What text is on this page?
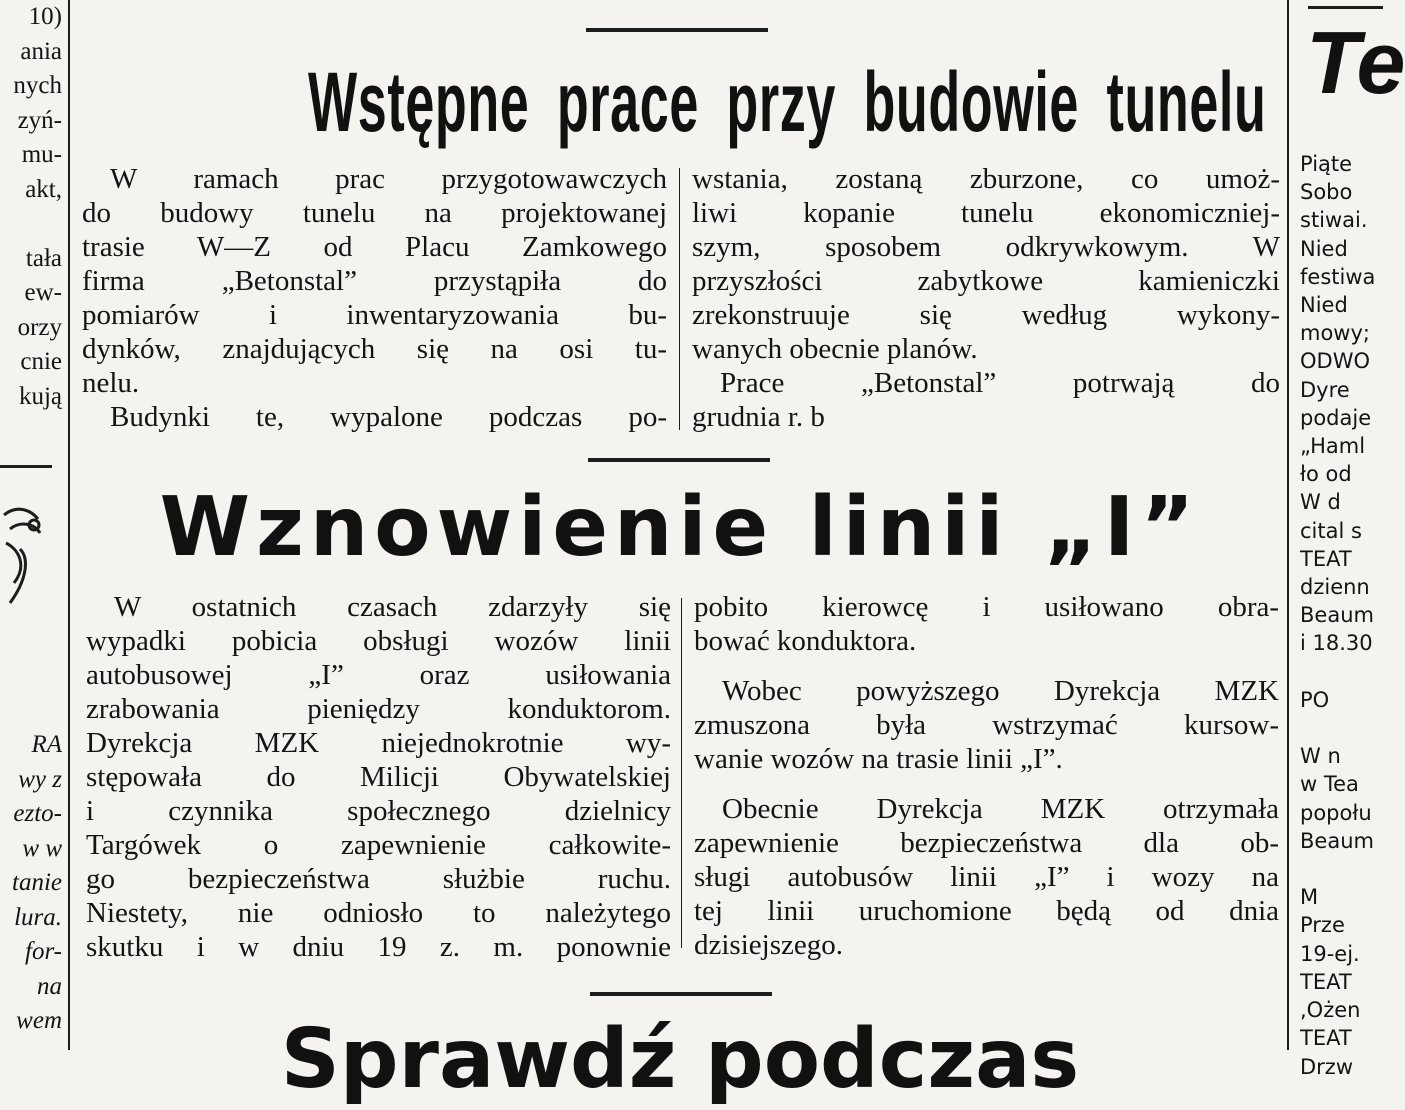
10)
ania
nych
zyń-
mu-
akt,

tała
ew-
orzy
cnie
kują
RA
wy z
ezto-
w w
tanie
lura.
for-
na
wem
Te
Piąte
Sobo
stiwai.
Nied
festiwa
Nied
mowy;
ODWO
Dyre
podaje
„Haml
ło od
W d
cital s
TEAT
dzienn
Beaum
i 18.30

PO

W n
w Tea
popołu
Beaum

M
Prze
19-ej.
TEAT
,Ożen
TEAT
Drzw
Wstępne prace przy budowie tunelu
W ramach prac przygotowawczych
do budowy tunelu na projektowanej
trasie W—Z od Placu Zamkowego
firma „Betonstal” przystąpiła do
pomiarów i inwentaryzowania bu-
dynków, znajdujących się na osi tu-
nelu.
Budynki te, wypalone podczas po-
wstania, zostaną zburzone, co umoż-
liwi kopanie tunelu ekonomiczniej-
szym, sposobem odkrywkowym. W
przyszłości zabytkowe kamieniczki
zrekonstruuje się według wykony-
wanych obecnie planów.
Prace „Betonstal” potrwają do
grudnia r. b
Wznowienie linii „I”
W ostatnich czasach zdarzyły się
wypadki pobicia obsługi wozów linii
autobusowej „I” oraz usiłowania
zrabowania pieniędzy konduktorom.
Dyrekcja MZK niejednokrotnie wy-
stępowała do Milicji Obywatelskiej
i czynnika społecznego dzielnicy
Targówek o zapewnienie całkowite-
go bezpieczeństwa służbie ruchu.
Niestety, nie odniosło to należytego
skutku i w dniu 19 z. m. ponownie
pobito kierowcę i usiłowano obra-
bować konduktora.
Wobec powyższego Dyrekcja MZK
zmuszona była wstrzymać kursow-
wanie wozów na trasie linii „I”.
Obecnie Dyrekcja MZK otrzymała
zapewnienie bezpieczeństwa dla ob-
sługi autobusów linii „I” i wozy na
tej linii uruchomione będą od dnia
dzisiejszego.
Sprawdź podczas
